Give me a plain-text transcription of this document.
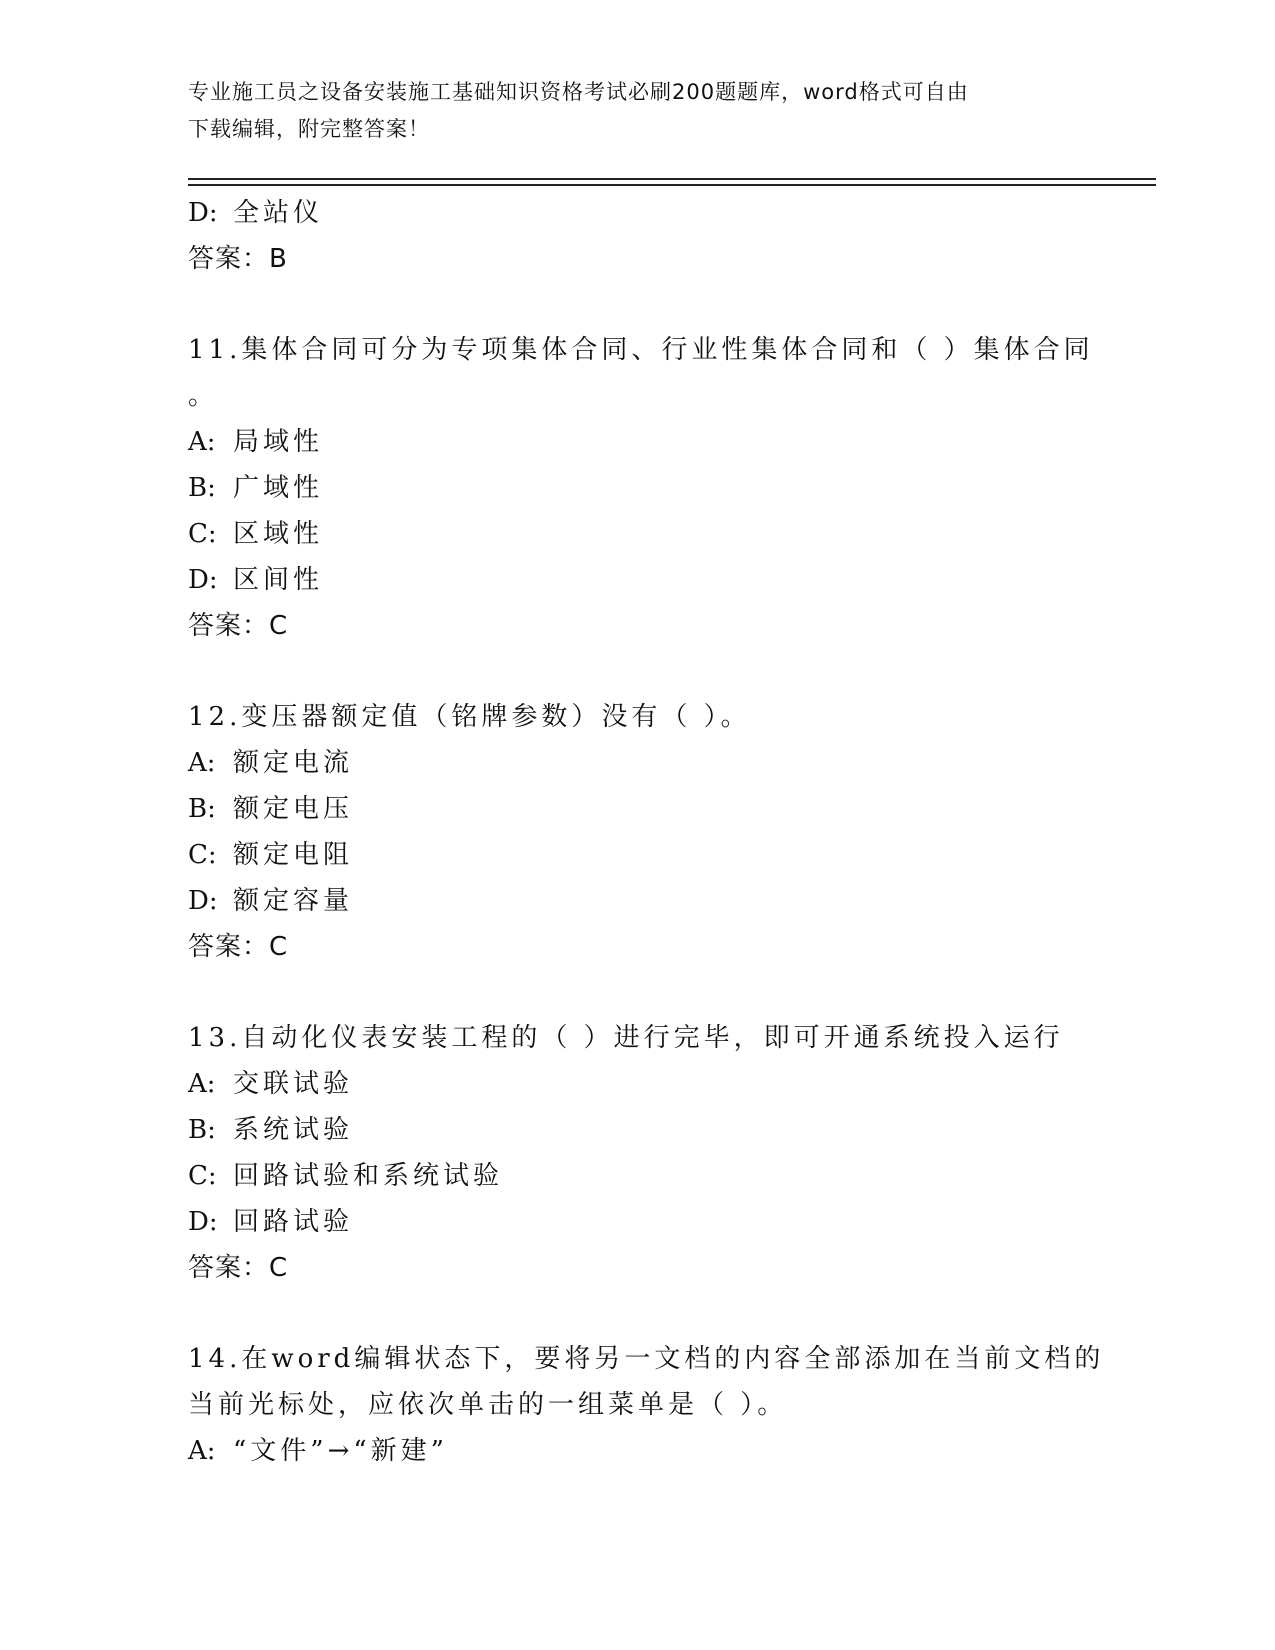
专业施工员之设备安装施工基础知识资格考试必刷200题题库，word格式可自由
下载编辑，附完整答案！
D: 全站仪
答案：B
11.集体合同可分为专项集体合同、行业性集体合同和（ ）集体合同
。
A: 局域性
B: 广域性
C: 区域性
D: 区间性
答案：C
12.变压器额定值（铭牌参数）没有（ ）。
A: 额定电流
B: 额定电压
C: 额定电阻
D: 额定容量
答案：C
13.自动化仪表安装工程的（ ）进行完毕，即可开通系统投入运行
A: 交联试验
B: 系统试验
C: 回路试验和系统试验
D: 回路试验
答案：C
14.在word编辑状态下，要将另一文档的内容全部添加在当前文档的
当前光标处，应依次单击的一组菜单是（ ）。
A: “文件”→“新建”
